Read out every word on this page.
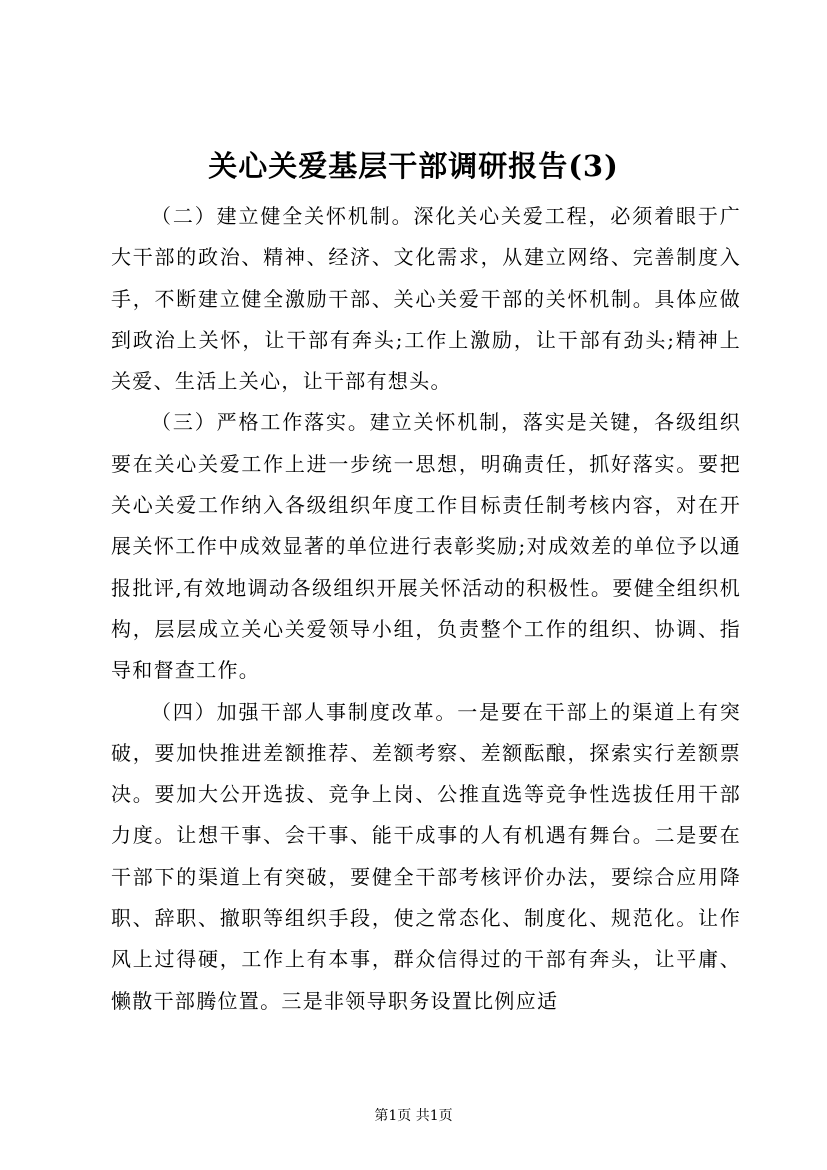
关心关爱基层干部调研报告(3)

（二）建立健全关怀机制。深化关心关爱工程，必须着眼于广大干部的政治、精神、经济、文化需求，从建立网络、完善制度入手，不断建立健全激励干部、关心关爱干部的关怀机制。具体应做到政治上关怀，让干部有奔头;工作上激励，让干部有劲头;精神上关爱、生活上关心，让干部有想头。

（三）严格工作落实。建立关怀机制，落实是关键，各级组织要在关心关爱工作上进一步统一思想，明确责任，抓好落实。要把关心关爱工作纳入各级组织年度工作目标责任制考核内容，对在开展关怀工作中成效显著的单位进行表彰奖励;对成效差的单位予以通报批评,有效地调动各级组织开展关怀活动的积极性。要健全组织机构，层层成立关心关爱领导小组，负责整个工作的组织、协调、指导和督查工作。

（四）加强干部人事制度改革。一是要在干部上的渠道上有突破，要加快推进差额推荐、差额考察、差额酝酿，探索实行差额票决。要加大公开选拔、竞争上岗、公推直选等竞争性选拔任用干部力度。让想干事、会干事、能干成事的人有机遇有舞台。二是要在干部下的渠道上有突破，要健全干部考核评价办法，要综合应用降职、辞职、撤职等组织手段，使之常态化、制度化、规范化。让作风上过得硬，工作上有本事，群众信得过的干部有奔头，让平庸、懒散干部腾位置。三是非领导职务设置比例应适

第1页 共1页
